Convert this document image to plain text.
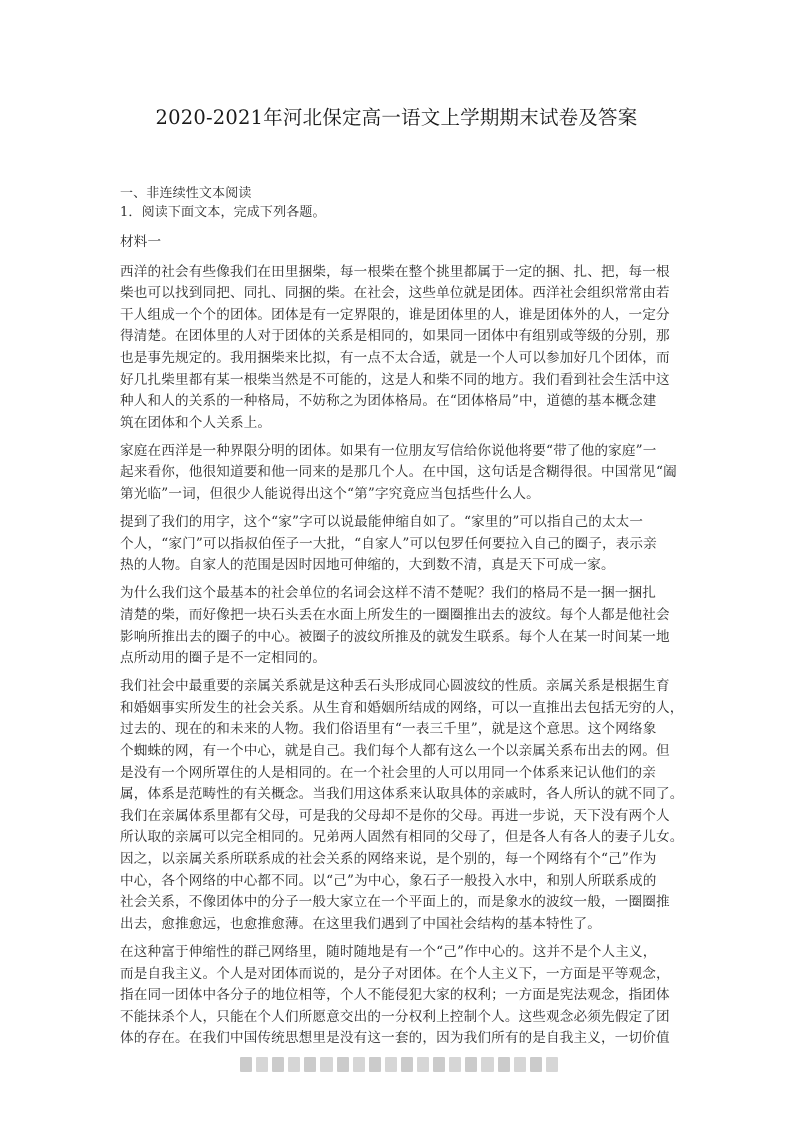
2020-2021年河北保定高一语文上学期期末试卷及答案
一、非连续性文本阅读
1．阅读下面文本，完成下列各题。
材料一
西洋的社会有些像我们在田里捆柴，每一根柴在整个挑里都属于一定的捆、扎、把，每一根
柴也可以找到同把、同扎、同捆的柴。在社会，这些单位就是团体。西洋社会组织常常由若
干人组成一个个的团体。团体是有一定界限的，谁是团体里的人，谁是团体外的人，一定分
得清楚。在团体里的人对于团体的关系是相同的，如果同一团体中有组别或等级的分别，那
也是事先规定的。我用捆柴来比拟，有一点不太合适，就是一个人可以参加好几个团体，而
好几扎柴里都有某一根柴当然是不可能的，这是人和柴不同的地方。我们看到社会生活中这
种人和人的关系的一种格局，不妨称之为团体格局。在“团体格局”中，道德的基本概念建
筑在团体和个人关系上。
家庭在西洋是一种界限分明的团体。如果有一位朋友写信给你说他将要“带了他的家庭”一
起来看你，他很知道要和他一同来的是那几个人。在中国，这句话是含糊得很。中国常见“阖
第光临”一词，但很少人能说得出这个“第”字究竟应当包括些什么人。
提到了我们的用字，这个“家”字可以说最能伸缩自如了。“家里的”可以指自己的太太一
个人，“家门”可以指叔伯侄子一大批，“自家人”可以包罗任何要拉入自己的圈子，表示亲
热的人物。自家人的范围是因时因地可伸缩的，大到数不清，真是天下可成一家。
为什么我们这个最基本的社会单位的名词会这样不清不楚呢？我们的格局不是一捆一捆扎
清楚的柴，而好像把一块石头丢在水面上所发生的一圈圈推出去的波纹。每个人都是他社会
影响所推出去的圈子的中心。被圈子的波纹所推及的就发生联系。每个人在某一时间某一地
点所动用的圈子是不一定相同的。
我们社会中最重要的亲属关系就是这种丢石头形成同心圆波纹的性质。亲属关系是根据生育
和婚姻事实所发生的社会关系。从生育和婚姻所结成的网络，可以一直推出去包括无穷的人，
过去的、现在的和未来的人物。我们俗语里有“一表三千里”，就是这个意思。这个网络象
个蜘蛛的网，有一个中心，就是自己。我们每个人都有这么一个以亲属关系布出去的网。但
是没有一个网所罩住的人是相同的。在一个社会里的人可以用同一个体系来记认他们的亲
属，体系是范畴性的有关概念。当我们用这体系来认取具体的亲戚时，各人所认的就不同了。
我们在亲属体系里都有父母，可是我的父母却不是你的父母。再进一步说，天下没有两个人
所认取的亲属可以完全相同的。兄弟两人固然有相同的父母了，但是各人有各人的妻子儿女。
因之，以亲属关系所联系成的社会关系的网络来说，是个别的，每一个网络有个“己”作为
中心，各个网络的中心都不同。以“己”为中心，象石子一般投入水中，和别人所联系成的
社会关系，不像团体中的分子一般大家立在一个平面上的，而是象水的波纹一般，一圈圈推
出去，愈推愈远，也愈推愈薄。在这里我们遇到了中国社会结构的基本特性了。
在这种富于伸缩性的群己网络里，随时随地是有一个“己”作中心的。这并不是个人主义，
而是自我主义。个人是对团体而说的，是分子对团体。在个人主义下，一方面是平等观念，
指在同一团体中各分子的地位相等，个人不能侵犯大家的权利；一方面是宪法观念，指团体
不能抹杀个人，只能在个人们所愿意交出的一分权利上控制个人。这些观念必须先假定了团
体的存在。在我们中国传统思想里是没有这一套的，因为我们所有的是自我主义，一切价值
